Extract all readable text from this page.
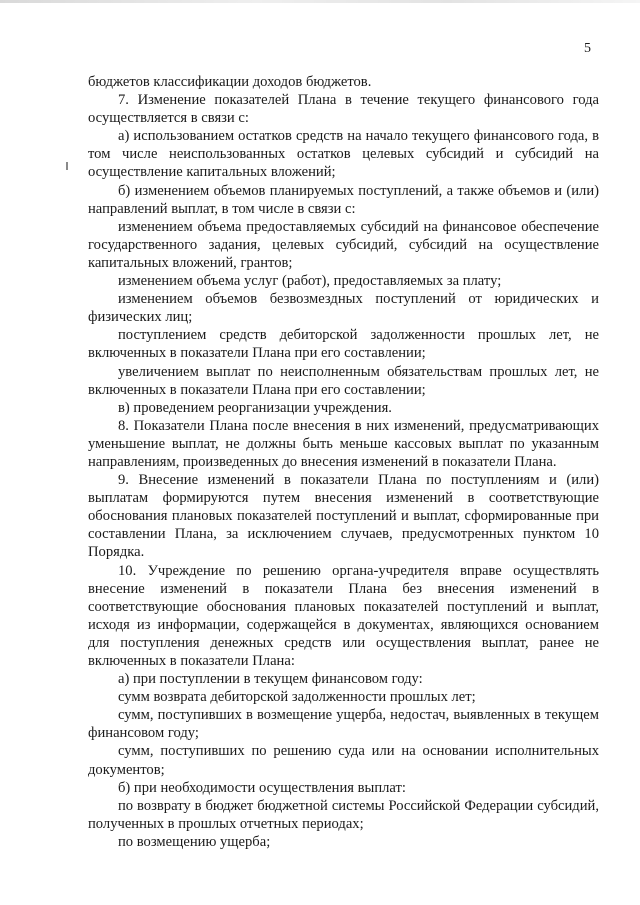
5

бюджетов классификации доходов бюджетов.

7. Изменение показателей Плана в течение текущего финансового года осуществляется в связи с:

а) использованием остатков средств на начало текущего финансового года, в том числе неиспользованных остатков целевых субсидий и субсидий на осуществление капитальных вложений;

б) изменением объемов планируемых поступлений, а также объемов и (или) направлений выплат, в том числе в связи с:

изменением объема предоставляемых субсидий на финансовое обеспечение государственного задания, целевых субсидий, субсидий на осуществление капитальных вложений, грантов;

изменением объема услуг (работ), предоставляемых за плату;

изменением объемов безвозмездных поступлений от юридических и физических лиц;

поступлением средств дебиторской задолженности прошлых лет, не включенных в показатели Плана при его составлении;

увеличением выплат по неисполненным обязательствам прошлых лет, не включенных в показатели Плана при его составлении;

в) проведением реорганизации учреждения.

8. Показатели Плана после внесения в них изменений, предусматривающих уменьшение выплат, не должны быть меньше кассовых выплат по указанным направлениям, произведенных до внесения изменений в показатели Плана.

9. Внесение изменений в показатели Плана по поступлениям и (или) выплатам формируются путем внесения изменений в соответствующие обоснования плановых показателей поступлений и выплат, сформированные при составлении Плана, за исключением случаев, предусмотренных пунктом 10 Порядка.

10. Учреждение по решению органа-учредителя вправе осуществлять внесение изменений в показатели Плана без внесения изменений в соответствующие обоснования плановых показателей поступлений и выплат, исходя из информации, содержащейся в документах, являющихся основанием для поступления денежных средств или осуществления выплат, ранее не включенных в показатели Плана:

а) при поступлении в текущем финансовом году:

сумм возврата дебиторской задолженности прошлых лет;

сумм, поступивших в возмещение ущерба, недостач, выявленных в текущем финансовом году;

сумм, поступивших по решению суда или на основании исполнительных документов;

б) при необходимости осуществления выплат:

по возврату в бюджет бюджетной системы Российской Федерации субсидий, полученных в прошлых отчетных периодах;

по возмещению ущерба;
